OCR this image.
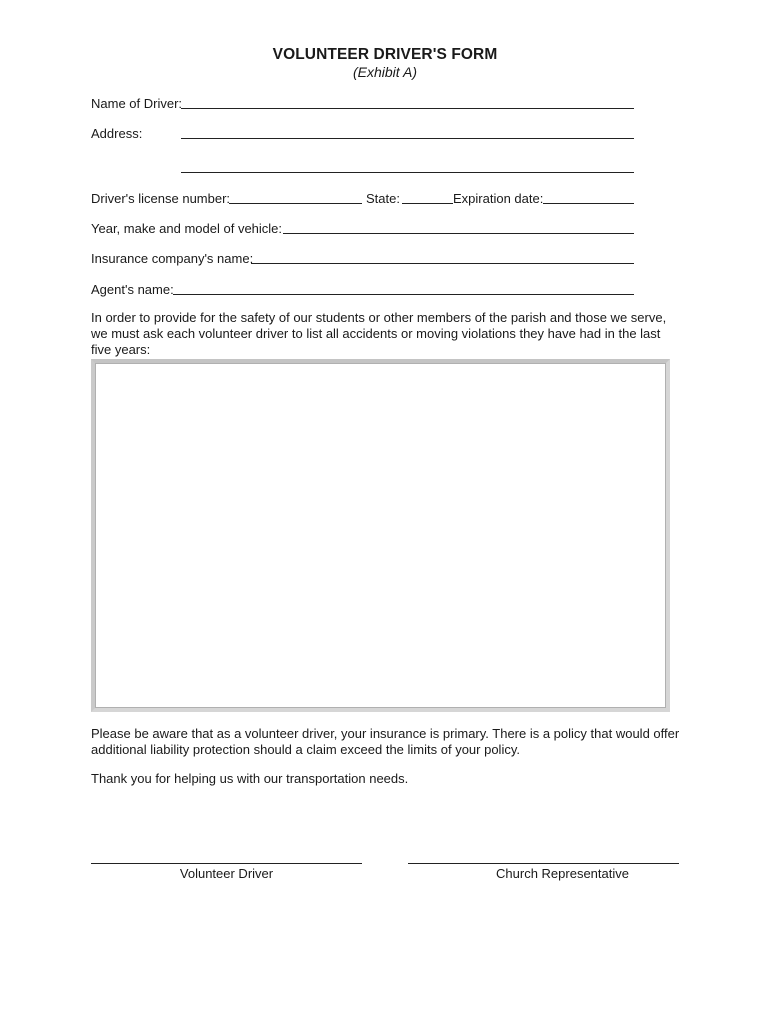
VOLUNTEER DRIVER'S FORM
(Exhibit A)
Name of Driver:
Address:
Driver's license number:	State:	Expiration date:
Year, make and model of vehicle:
Insurance company's name:
Agent's name:
In order to provide for the safety of our students or other members of the parish and those we serve, we must ask each volunteer driver to list all accidents or moving violations they have had in the last five years:
Please be aware that as a volunteer driver, your insurance is primary. There is a policy that would offer additional liability protection should a claim exceed the limits of your policy.
Thank you for helping us with our transportation needs.
Volunteer Driver	Church Representative
